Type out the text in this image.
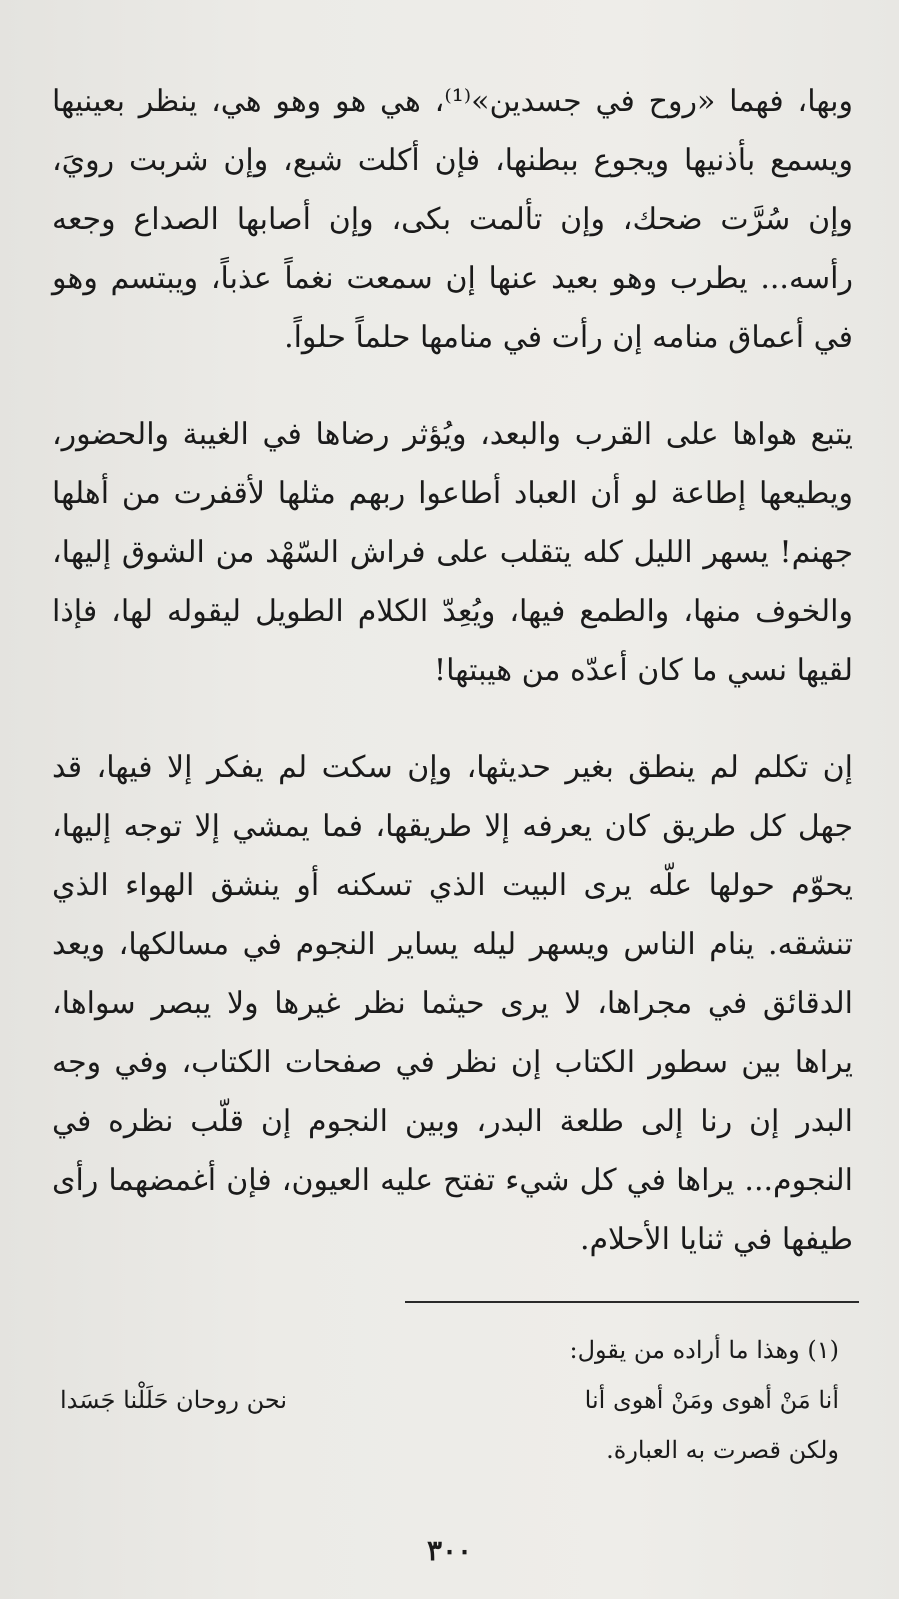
وبها، فهما «روح في جسدين»⁽¹⁾، هي هو وهو هي، ينظر بعينيها ويسمع بأذنيها ويجوع ببطنها، فإن أكلت شبع، وإن شربت رويَ، وإن سُرَّت ضحك، وإن تألمت بكى، وإن أصابها الصداع وجعه رأسه... يطرب وهو بعيد عنها إن سمعت نغماً عذباً، ويبتسم وهو في أعماق منامه إن رأت في منامها حلماً حلواً.

يتبع هواها على القرب والبعد، ويُؤثر رضاها في الغيبة والحضور، ويطيعها إطاعة لو أن العباد أطاعوا ربهم مثلها لأقفرت من أهلها جهنم! يسهر الليل كله يتقلب على فراش السّهْد من الشوق إليها، والخوف منها، والطمع فيها، ويُعِدّ الكلام الطويل ليقوله لها، فإذا لقيها نسي ما كان أعدّه من هيبتها!

إن تكلم لم ينطق بغير حديثها، وإن سكت لم يفكر إلا فيها، قد جهل كل طريق كان يعرفه إلا طريقها، فما يمشي إلا توجه إليها، يحوّم حولها علّه يرى البيت الذي تسكنه أو ينشق الهواء الذي تنشقه. ينام الناس ويسهر ليله يساير النجوم في مسالكها، ويعد الدقائق في مجراها، لا يرى حيثما نظر غيرها ولا يبصر سواها، يراها بين سطور الكتاب إن نظر في صفحات الكتاب، وفي وجه البدر إن رنا إلى طلعة البدر، وبين النجوم إن قلّب نظره في النجوم... يراها في كل شيء تفتح عليه العيون، فإن أغمضهما رأى طيفها في ثنايا الأحلام.

(١) وهذا ما أراده من يقول:
أنا مَنْ أهوى ومَنْ أهوى أنا
نحن روحان حَلَلْنا جَسَدا
ولكن قصرت به العبارة.
٣٠٠
